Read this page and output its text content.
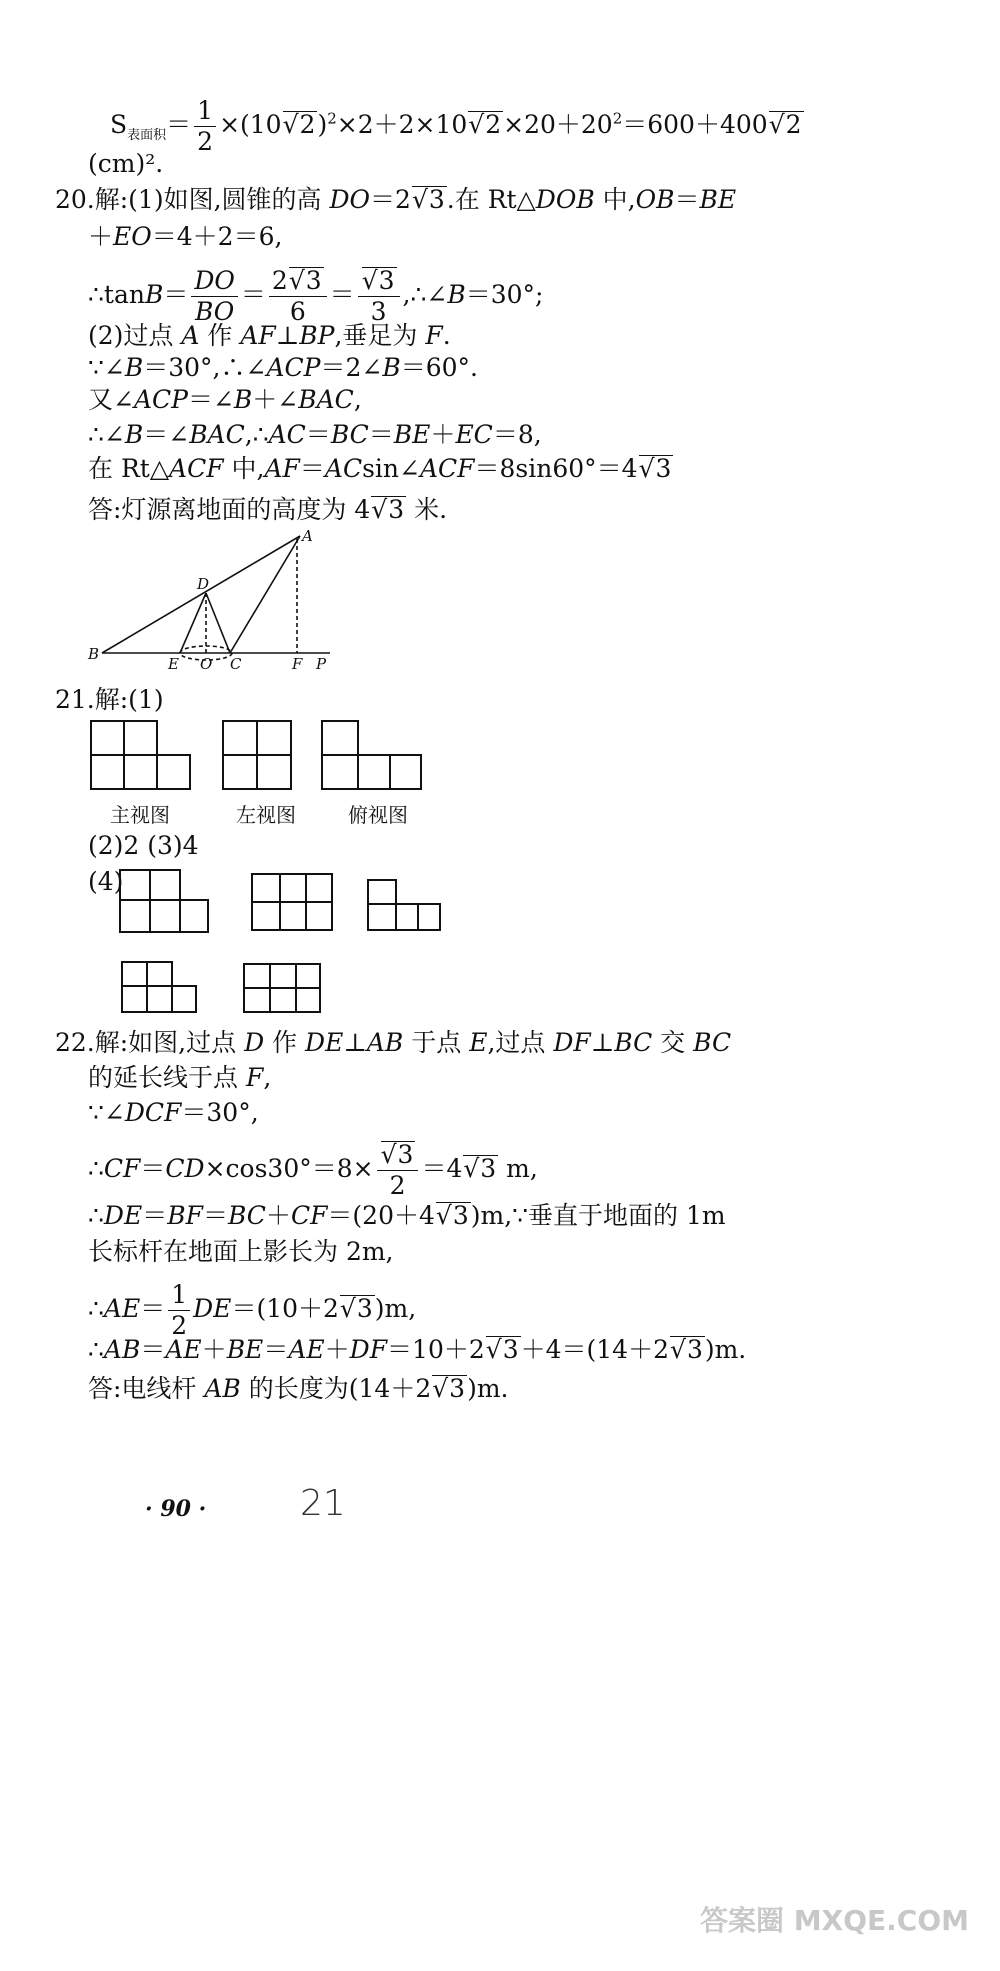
$S_{表面积}= \frac{1}{2} \times(10√$ 2)$^2$×2＋2×10√ $2\times 20+20^2=600+400√$ 2
(cm)².
20.解:(1)如图,圆锥的高 DO＝2√ 3.在 Rt△DOB 中,OB＝BE
＋EO＝4＋2＝6,
∴tanB＝ $\frac{DO}{BO} = \frac{2√ 3}{6}$ ＝
√ $\frac{3}{3}$ ,∴∠B＝30°;
(2)过点 A 作 AF⊥BP,垂足为 F.
∵∠B＝30°,∴∠ACP＝2∠B＝60°.
又∠ACP＝∠B＋∠BAC,
∴∠B＝∠BAC,∴AC＝BC＝BE＋EC＝8,
在 Rt△ACF 中,AF＝ACsin∠ACF＝8sin60°＝4√ 3
答:灯源离地面的高度为 4√ 3 米.
A
D
B
E O C	F P
21.解:(1)
主视图	左视图	俯视图
(2)2 (3)4
(4)
22.解:如图,过点 D 作 DE⊥AB 于点 E,过点 DF⊥BC 交 BC
的延长线于点 F,
∵∠DCF＝30°,
∴CF＝CD×cos30°＝8×
√ $\frac{3}{2} =4√$ 3 m,
∴DE＝BF＝BC＋CF＝(20＋4√ 3)m,∵垂直于地面的 1m
长标杆在地面上影长为 2m,
∴AE＝ $\frac{1}{2} DE=(10+2√$ 3)m,
∴AB＝AE＋BE＝AE＋DF＝10＋2√ 3＋4＝(14＋2√ 3)m.
答:电线杆 AB 的长度为(14＋2√ 3)m.
· 90 ·	21
答案圈 MXQE.COM
